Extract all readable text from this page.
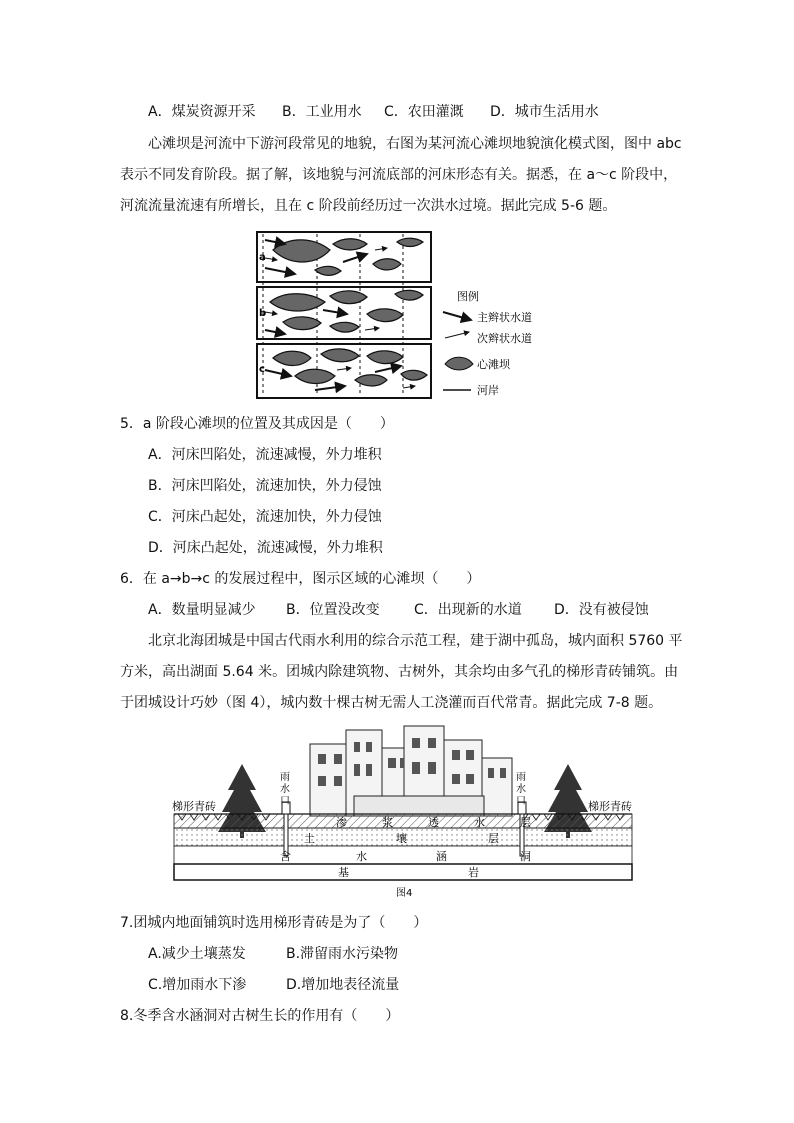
A．煤炭资源开采	B．工业用水	C．农田灌溉	D．城市生活用水
心滩坝是河流中下游河段常见的地貌，右图为某河流心滩坝地貌演化模式图，图中 abc
表示不同发育阶段。据了解，该地貌与河流底部的河床形态有关。据悉，在 a～c 阶段中，
河流流量流速有所增长，且在 c 阶段前经历过一次洪水过境。据此完成 5-6 题。
a
b
c
图例
主辫状水道
次辫状水道
心滩坝
河岸
5．a 阶段心滩坝的位置及其成因是（　　）
A．河床凹陷处，流速减慢，外力堆积
B．河床凹陷处，流速加快，外力侵蚀
C．河床凸起处，流速加快，外力侵蚀
D．河床凸起处，流速减慢，外力堆积
6．在 a→b→c 的发展过程中，图示区域的心滩坝（　　）
A．数量明显减少	B．位置没改变	C．出现新的水道	D．没有被侵蚀
北京北海团城是中国古代雨水利用的综合示范工程，建于湖中孤岛，城内面积 5760 平
方米，高出湖面 5.64 米。团城内除建筑物、古树外，其余均由多气孔的梯形青砖铺筑。由
于团城设计巧妙（图 4），城内数十棵古树无需人工浇灌而百代常青。据此完成 7-8 题。
梯形青砖	梯形青砖
雨
水
口
雨
水
口
渗	浆	透	水	层
土	壤	层
含	水	涵	洞
基	岩
图4
7.团城内地面铺筑时选用梯形青砖是为了（　　）
A.减少土壤蒸发	B.滞留雨水污染物
C.增加雨水下渗	D.增加地表径流量
8.冬季含水涵洞对古树生长的作用有（　　）
